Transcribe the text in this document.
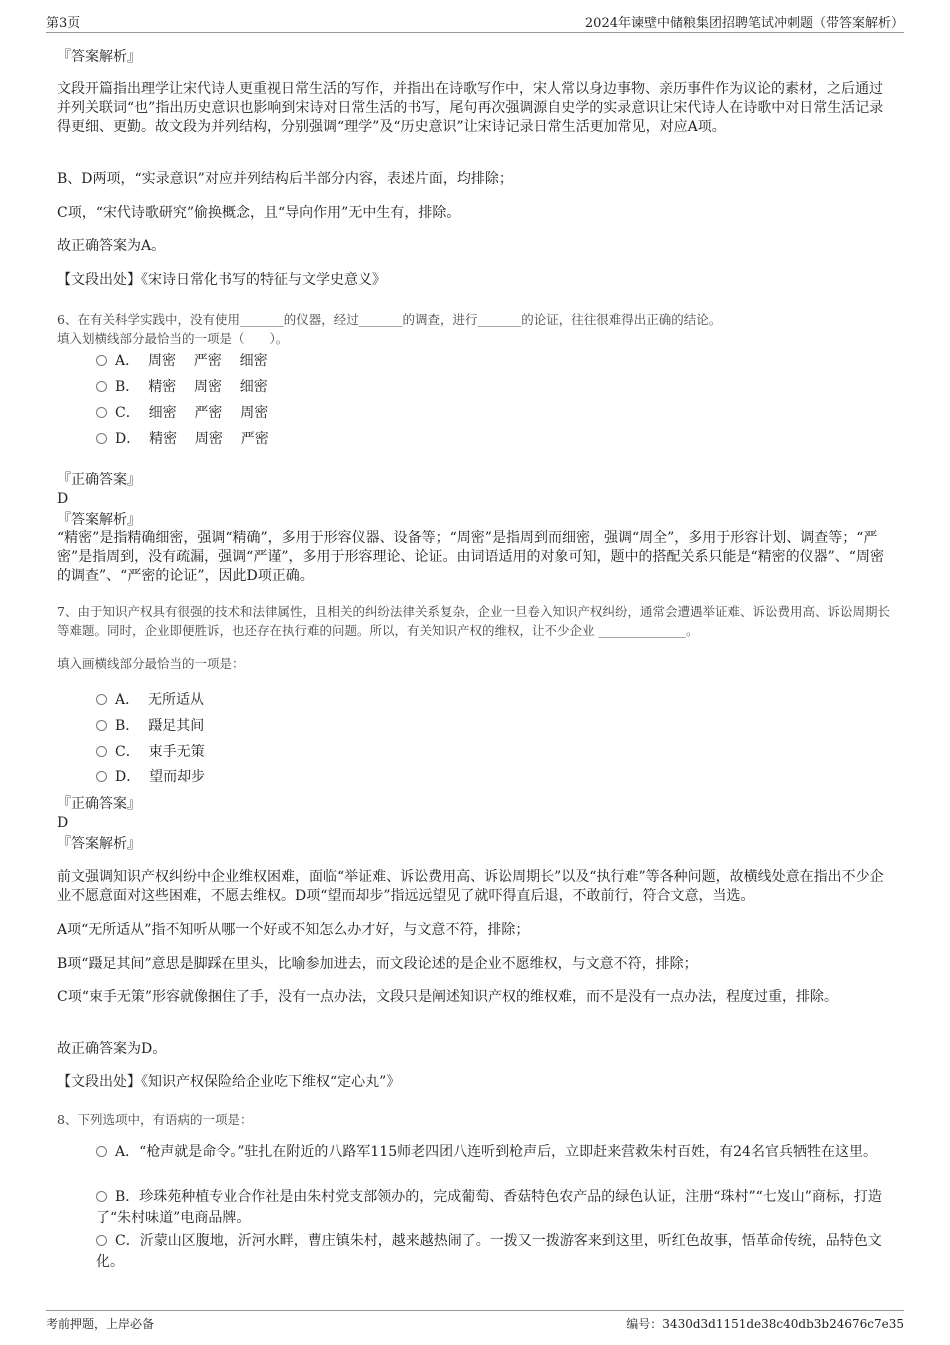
第3页	2024年谏壁中储粮集团招聘笔试冲刺题（带答案解析）
『答案解析』
文段开篇指出理学让宋代诗人更重视日常生活的写作，并指出在诗歌写作中，宋人常以身边事物、亲历事件作为议论的素材，之后通过并列关联词“也”指出历史意识也影响到宋诗对日常生活的书写，尾句再次强调源自史学的实录意识让宋代诗人在诗歌中对日常生活记录得更细、更勤。故文段为并列结构，分别强调“理学”及“历史意识”让宋诗记录日常生活更加常见，对应A项。
B、D两项，“实录意识”对应并列结构后半部分内容，表述片面，均排除；
C项，“宋代诗歌研究”偷换概念，且“导向作用”无中生有，排除。
故正确答案为A。
【文段出处】《宋诗日常化书写的特征与文学史意义》
6、在有关科学实践中，没有使用_______的仪器，经过_______的调查，进行_______的论证，往往很难得出正确的结论。
填入划横线部分最恰当的一项是（　　）。
A．  周密    严密    细密
B．  精密    周密    细密
C．  细密    严密    周密
D．  精密    周密    严密
『正确答案』
D
『答案解析』
“精密”是指精确细密，强调“精确”，多用于形容仪器、设备等；“周密”是指周到而细密，强调“周全”，多用于形容计划、调查等；“严密”是指周到，没有疏漏，强调“严谨”，多用于形容理论、论证。由词语适用的对象可知，题中的搭配关系只能是“精密的仪器”、“周密的调查”、“严密的论证”，因此D项正确。
7、由于知识产权具有很强的技术和法律属性，且相关的纠纷法律关系复杂，企业一旦卷入知识产权纠纷，通常会遭遇举证难、诉讼费用高、诉讼周期长等难题。同时，企业即便胜诉，也还存在执行难的问题。所以，有关知识产权的维权，让不少企业 ______________。
填入画横线部分最恰当的一项是：
A．  无所适从
B．  蹑足其间
C．  束手无策
D．  望而却步
『正确答案』
D
『答案解析』
前文强调知识产权纠纷中企业维权困难，面临“举证难、诉讼费用高、诉讼周期长”以及“执行难”等各种问题，故横线处意在指出不少企业不愿意面对这些困难，不愿去维权。D项“望而却步”指远远望见了就吓得直后退，不敢前行，符合文意，当选。
A项“无所适从”指不知听从哪一个好或不知怎么办才好，与文意不符，排除；
B项“蹑足其间”意思是脚踩在里头，比喻参加进去，而文段论述的是企业不愿维权，与文意不符，排除；
C项“束手无策”形容就像捆住了手，没有一点办法，文段只是阐述知识产权的维权难，而不是没有一点办法，程度过重，排除。
故正确答案为D。
【文段出处】《知识产权保险给企业吃下维权“定心丸”》
8、下列选项中，有语病的一项是：
A．“枪声就是命令。”驻扎在附近的八路军115师老四团八连听到枪声后，立即赶来营救朱村百姓，有24名官兵牺牲在这里。
B．珍珠苑种植专业合作社是由朱村党支部领办的，完成葡萄、香菇特色农产品的绿色认证，注册“珠村”“七岌山”商标，打造了“朱村味道”电商品牌。
C．沂蒙山区腹地，沂河水畔，曹庄镇朱村，越来越热闹了。一拨又一拨游客来到这里，听红色故事，悟革命传统，品特色文化。
考前押题，上岸必备	编号：3430d3d1151de38c40db3b24676c7e35
